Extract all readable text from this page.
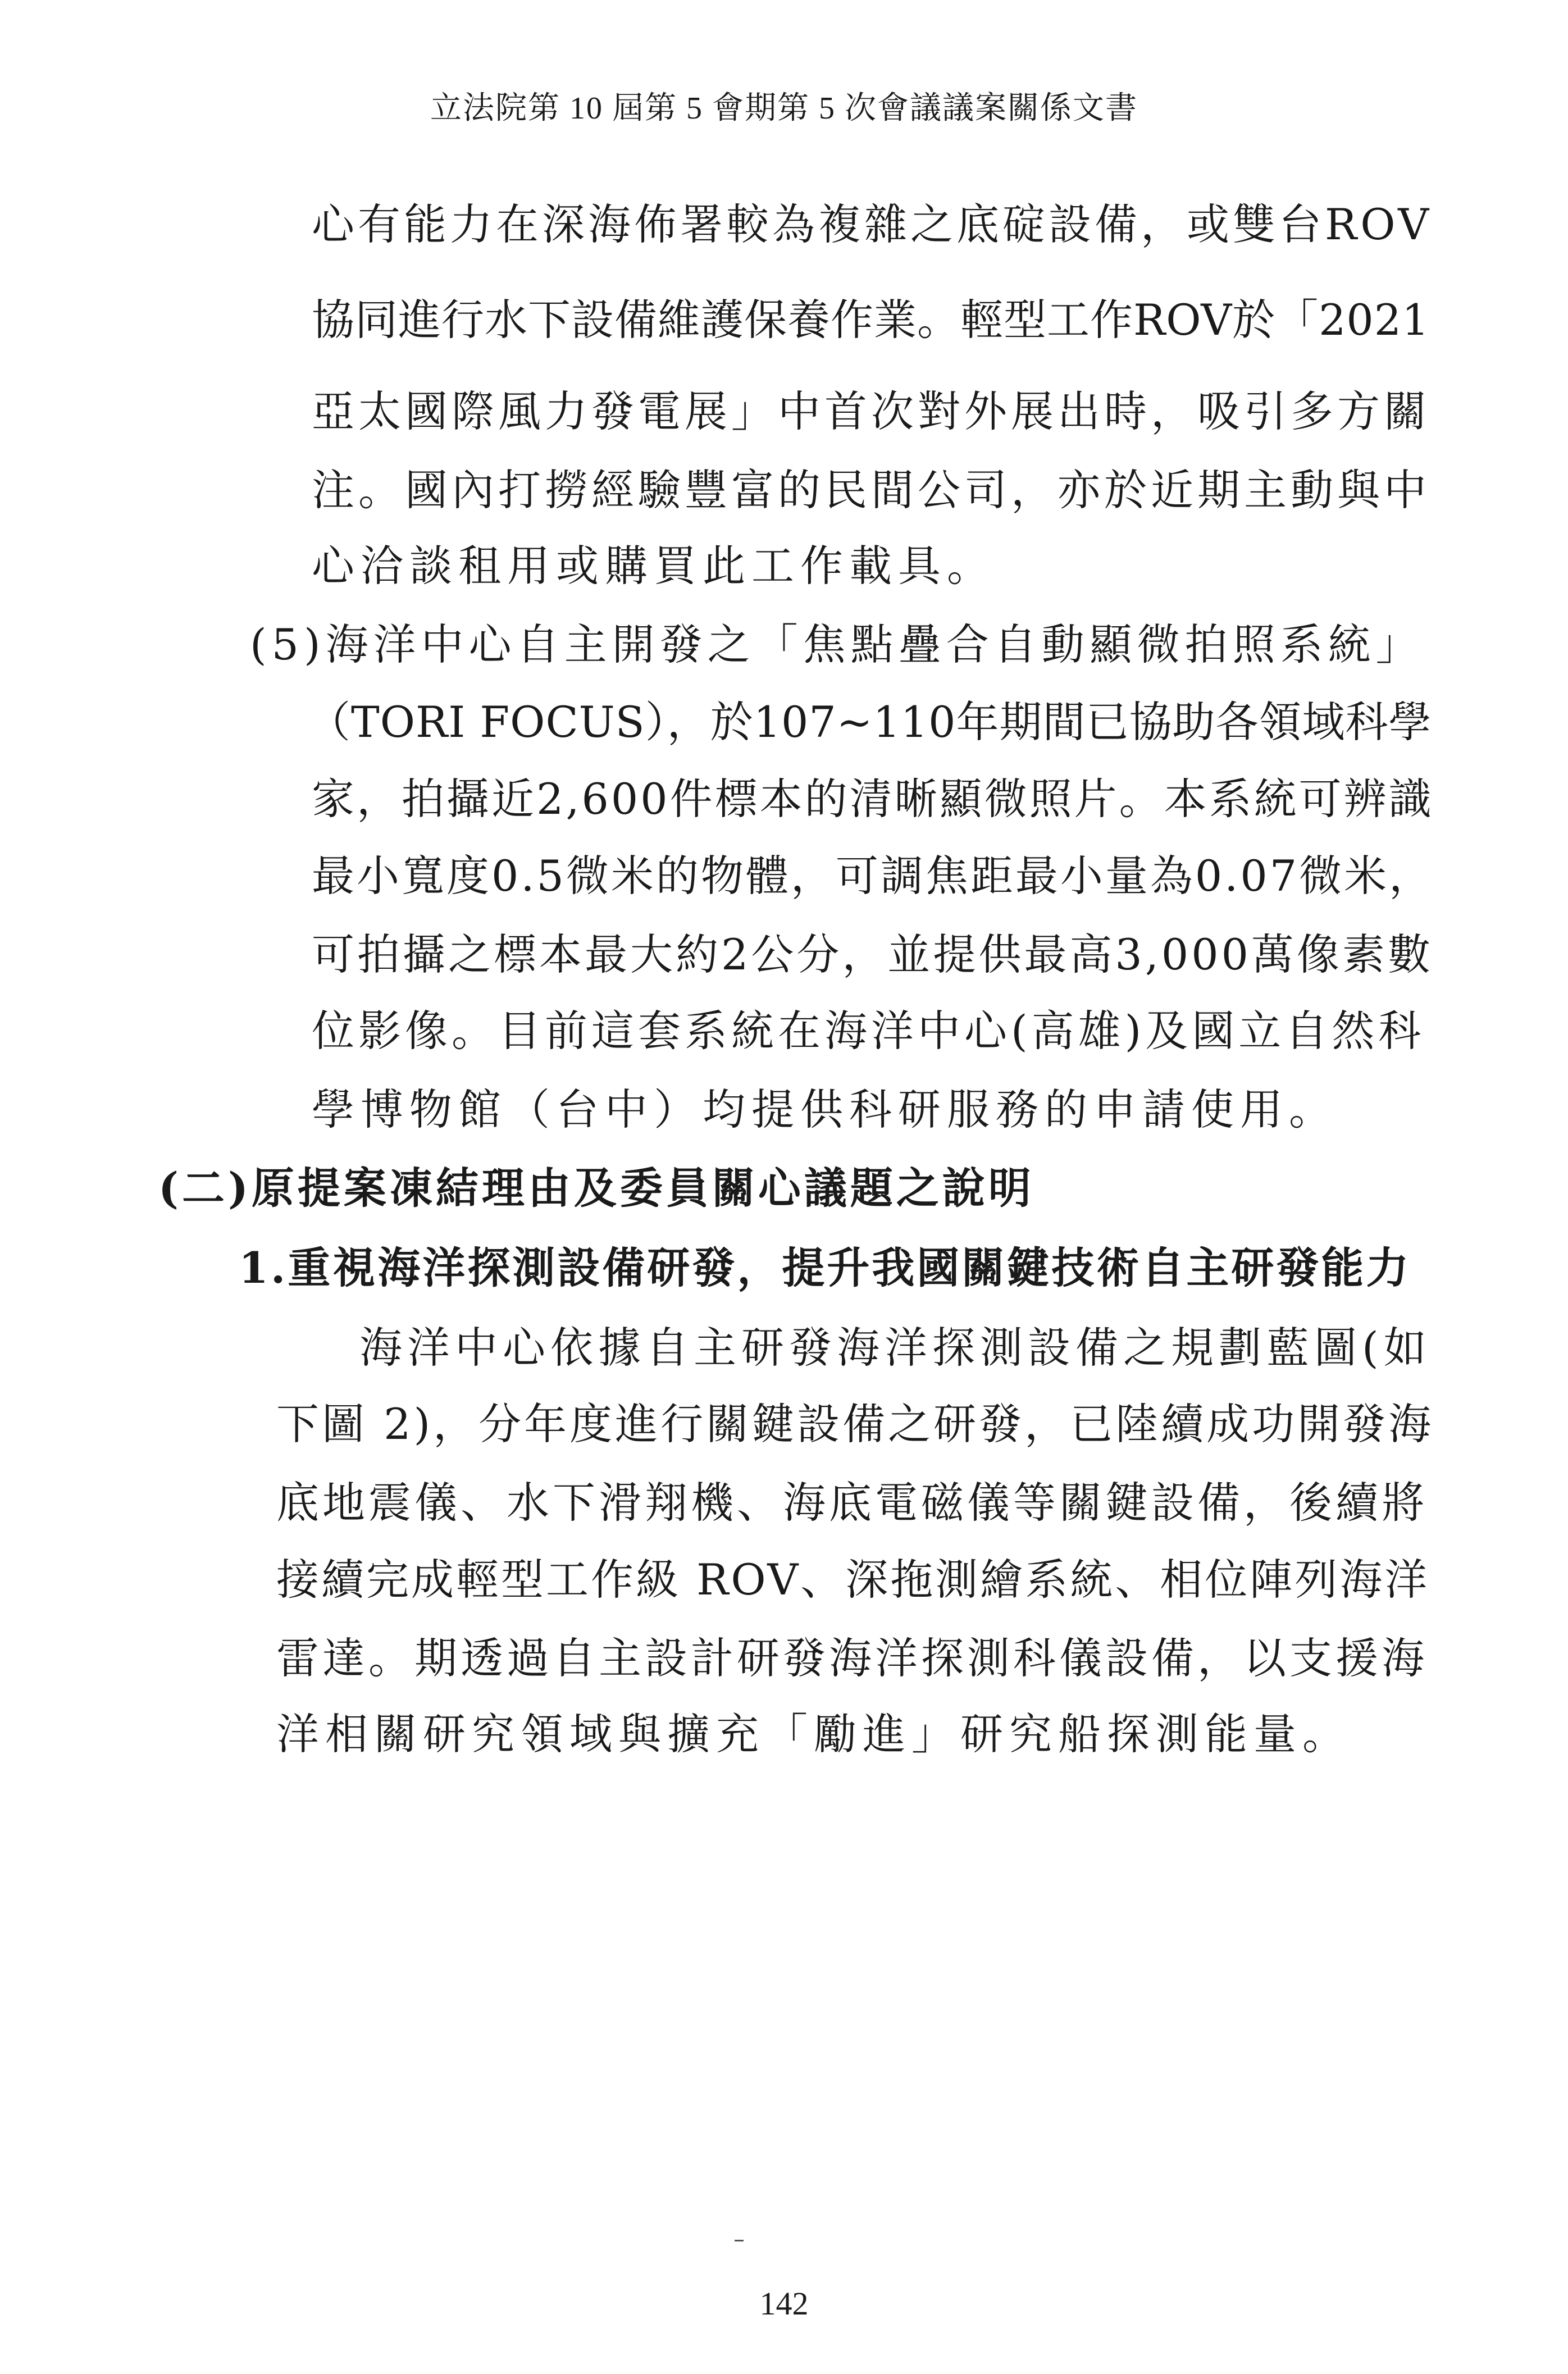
立法院第 10 屆第 5 會期第 5 次會議議案關係文書
心有能力在深海佈署較為複雜之底碇設備，或雙台ROV
協同進行水下設備維護保養作業。輕型工作ROV於「2021
亞太國際風力發電展」中首次對外展出時，吸引多方關
注。國內打撈經驗豐富的民間公司，亦於近期主動與中
心洽談租用或購買此工作載具。
(5)海洋中心自主開發之「焦點疊合自動顯微拍照系統」
（TORI FOCUS），於107~110年期間已協助各領域科學
家，拍攝近2,600件標本的清晰顯微照片。本系統可辨識
最小寬度0.5微米的物體，可調焦距最小量為0.07微米，
可拍攝之標本最大約2公分，並提供最高3,000萬像素數
位影像。目前這套系統在海洋中心(高雄)及國立自然科
學博物館（台中）均提供科研服務的申請使用。
(二)原提案凍結理由及委員關心議題之說明
1.重視海洋探測設備研發，提升我國關鍵技術自主研發能力
海洋中心依據自主研發海洋探測設備之規劃藍圖(如
下圖 2)，分年度進行關鍵設備之研發，已陸續成功開發海
底地震儀、水下滑翔機、海底電磁儀等關鍵設備，後續將
接續完成輕型工作級 ROV、深拖測繪系統、相位陣列海洋
雷達。期透過自主設計研發海洋探測科儀設備，以支援海
洋相關研究領域與擴充「勵進」研究船探測能量。
142
